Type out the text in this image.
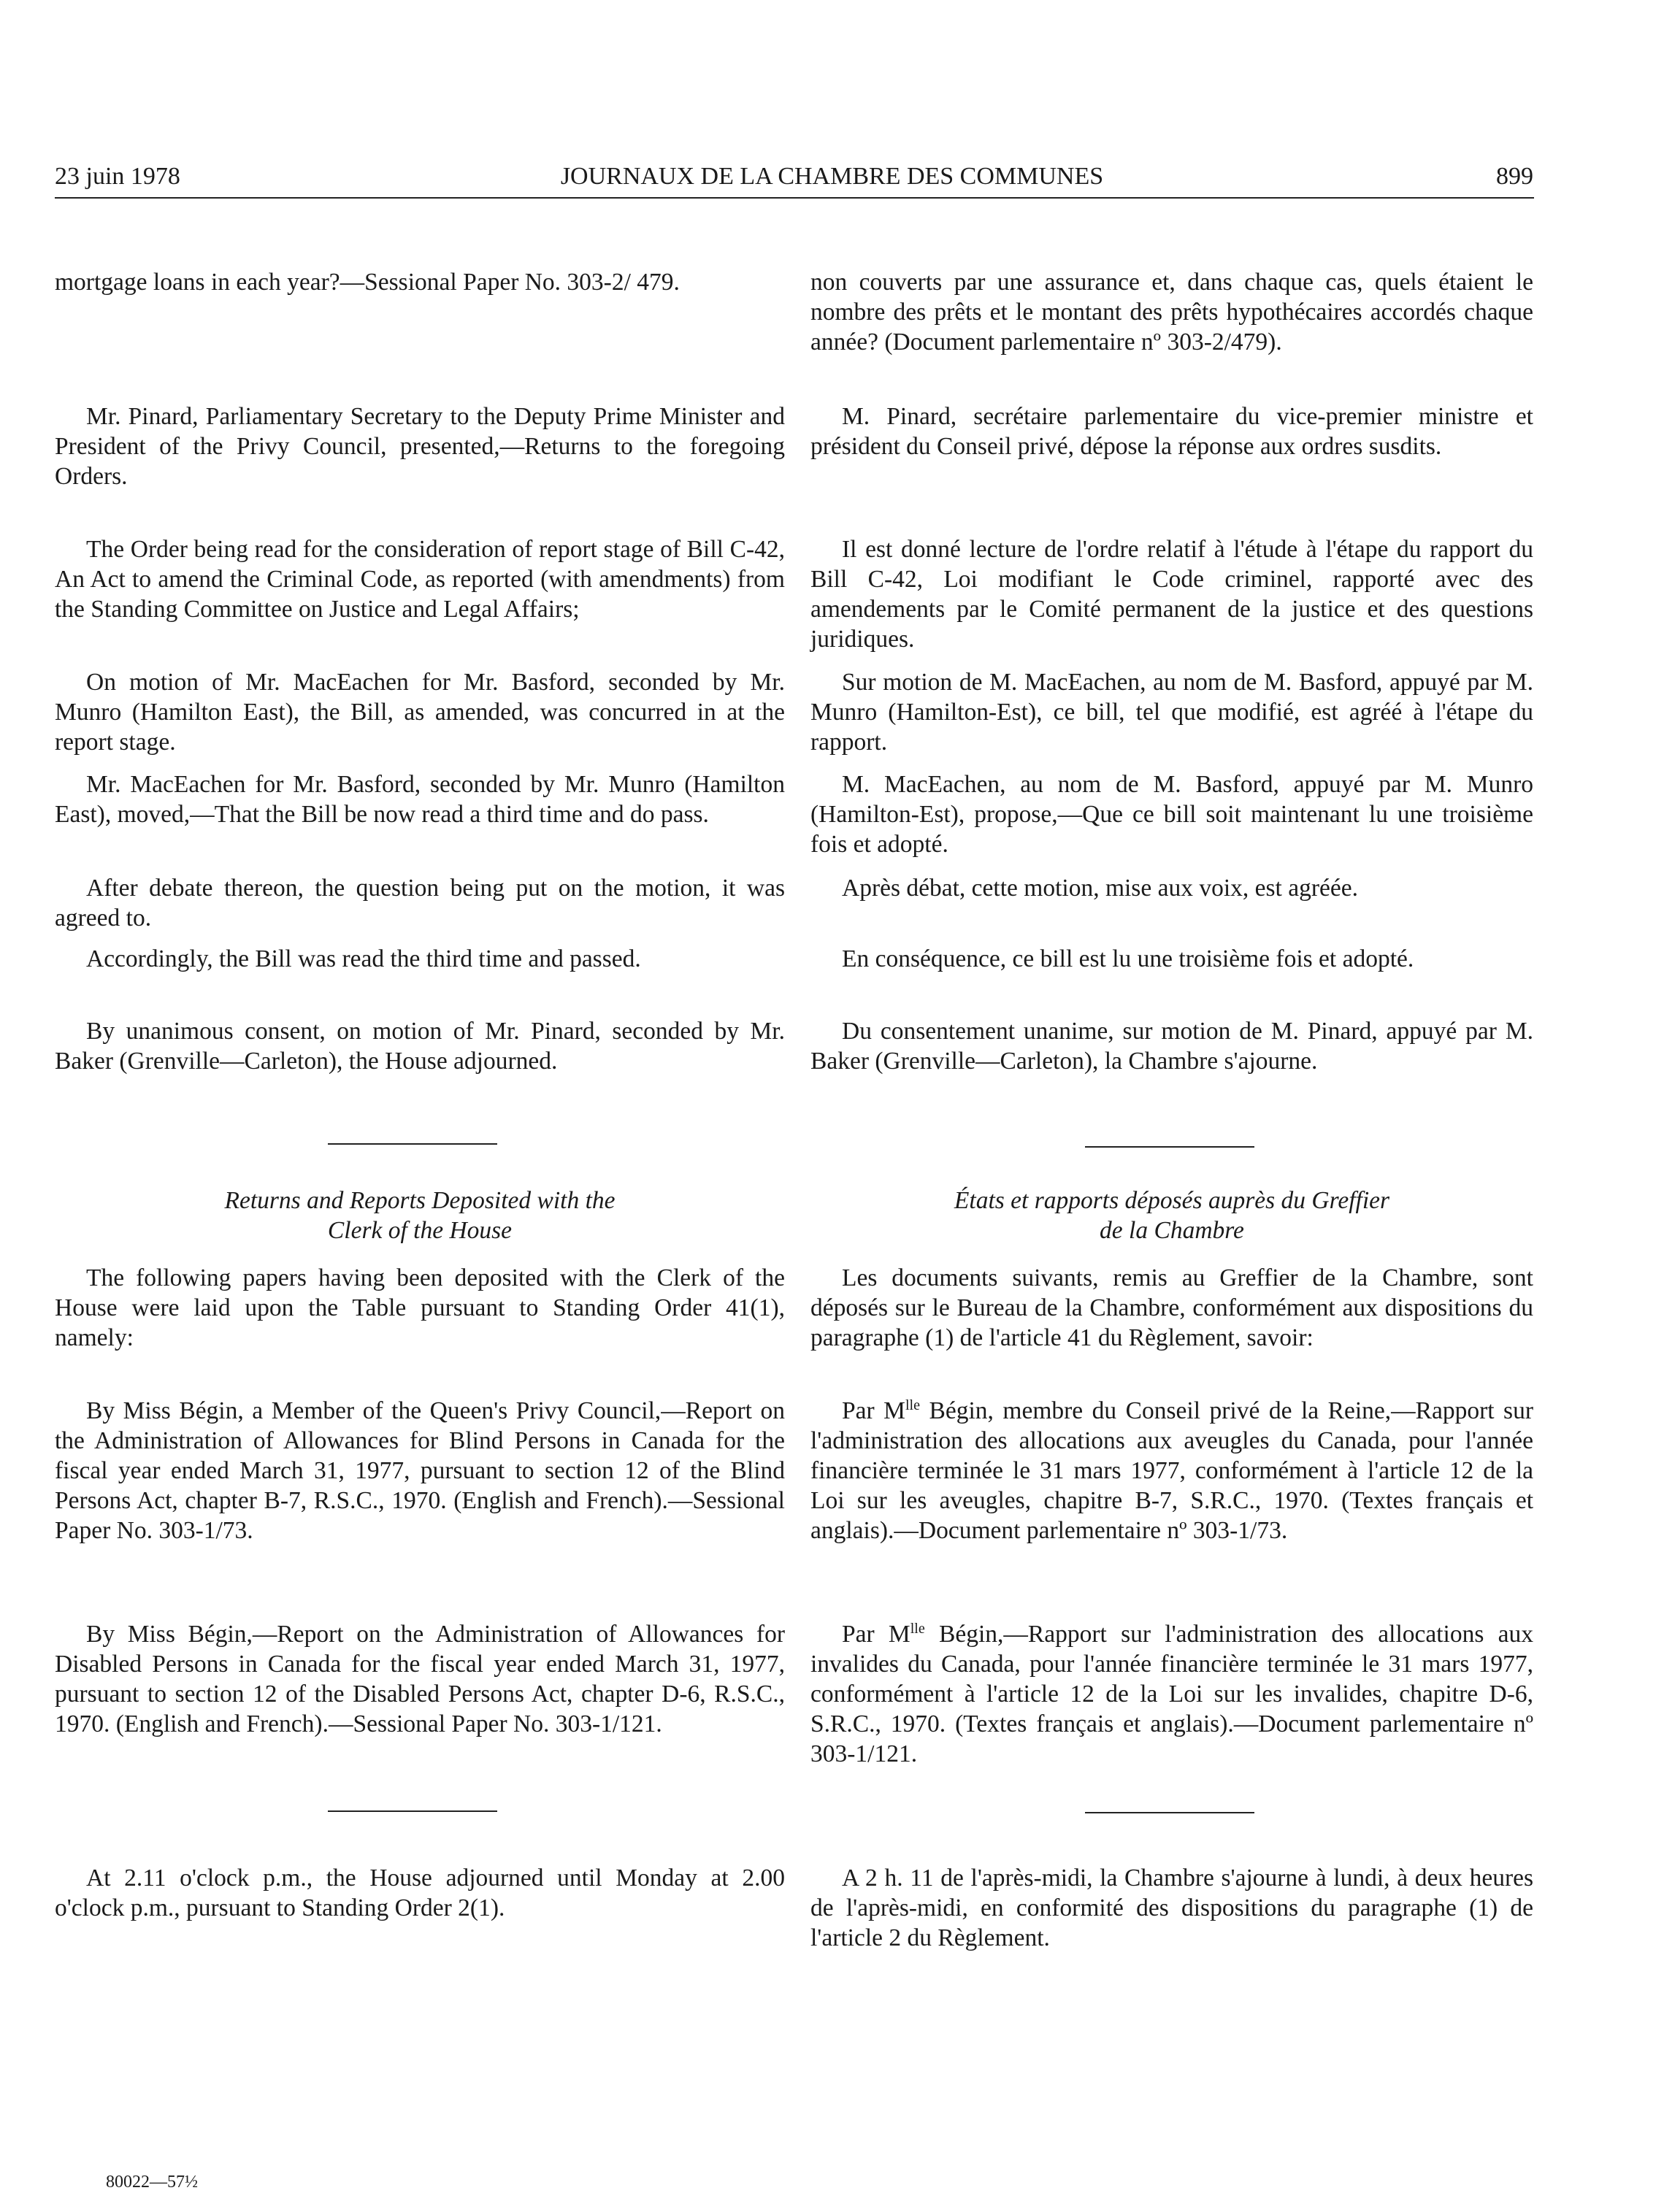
23 juin 1978	JOURNAUX DE LA CHAMBRE DES COMMUNES	899

mortgage loans in each year?—Sessional Paper No. 303-2/ 479.

Mr. Pinard, Parliamentary Secretary to the Deputy Prime Minister and President of the Privy Council, presented,—Returns to the foregoing Orders.

The Order being read for the consideration of report stage of Bill C-42, An Act to amend the Criminal Code, as reported (with amendments) from the Standing Committee on Justice and Legal Affairs;

On motion of Mr. MacEachen for Mr. Basford, seconded by Mr. Munro (Hamilton East), the Bill, as amended, was concurred in at the report stage.

Mr. MacEachen for Mr. Basford, seconded by Mr. Munro (Hamilton East), moved,—That the Bill be now read a third time and do pass.

After debate thereon, the question being put on the motion, it was agreed to.

Accordingly, the Bill was read the third time and passed.

By unanimous consent, on motion of Mr. Pinard, seconded by Mr. Baker (Grenville—Carleton), the House adjourned.

Returns and Reports Deposited with the
Clerk of the House

The following papers having been deposited with the Clerk of the House were laid upon the Table pursuant to Standing Order 41(1), namely:

By Miss Bégin, a Member of the Queen's Privy Council,—Report on the Administration of Allowances for Blind Persons in Canada for the fiscal year ended March 31, 1977, pursuant to section 12 of the Blind Persons Act, chapter B-7, R.S.C., 1970. (English and French).—Sessional Paper No. 303-1/73.

By Miss Bégin,—Report on the Administration of Allowances for Disabled Persons in Canada for the fiscal year ended March 31, 1977, pursuant to section 12 of the Disabled Persons Act, chapter D-6, R.S.C., 1970. (English and French).—Sessional Paper No. 303-1/121.

At 2.11 o'clock p.m., the House adjourned until Monday at 2.00 o'clock p.m., pursuant to Standing Order 2(1).

non couverts par une assurance et, dans chaque cas, quels étaient le nombre des prêts et le montant des prêts hypothécaires accordés chaque année? (Document parlementaire nº 303-2/479).

M. Pinard, secrétaire parlementaire du vice-premier ministre et président du Conseil privé, dépose la réponse aux ordres susdits.

Il est donné lecture de l'ordre relatif à l'étude à l'étape du rapport du Bill C-42, Loi modifiant le Code criminel, rapporté avec des amendements par le Comité permanent de la justice et des questions juridiques.

Sur motion de M. MacEachen, au nom de M. Basford, appuyé par M. Munro (Hamilton-Est), ce bill, tel que modifié, est agréé à l'étape du rapport.

M. MacEachen, au nom de M. Basford, appuyé par M. Munro (Hamilton-Est), propose,—Que ce bill soit maintenant lu une troisième fois et adopté.

Après débat, cette motion, mise aux voix, est agréée.

En conséquence, ce bill est lu une troisième fois et adopté.

Du consentement unanime, sur motion de M. Pinard, appuyé par M. Baker (Grenville—Carleton), la Chambre s'ajourne.

États et rapports déposés auprès du Greffier
de la Chambre

Les documents suivants, remis au Greffier de la Chambre, sont déposés sur le Bureau de la Chambre, conformément aux dispositions du paragraphe (1) de l'article 41 du Règlement, savoir:

Par $M^{lle}$ Bégin, membre du Conseil privé de la Reine,—Rapport sur l'administration des allocations aux aveugles du Canada, pour l'année financière terminée le 31 mars 1977, conformément à l'article 12 de la Loi sur les aveugles, chapitre B-7, S.R.C., 1970. (Textes français et anglais).—Document parlementaire nº 303-1/73.

Par $M^{lle}$ Bégin,—Rapport sur l'administration des allocations aux invalides du Canada, pour l'année financière terminée le 31 mars 1977, conformément à l'article 12 de la Loi sur les invalides, chapitre D-6, S.R.C., 1970. (Textes français et anglais).—Document parlementaire nº 303-1/121.

A 2 h. 11 de l'après-midi, la Chambre s'ajourne à lundi, à deux heures de l'après-midi, en conformité des dispositions du paragraphe (1) de l'article 2 du Règlement.

80022—57½
